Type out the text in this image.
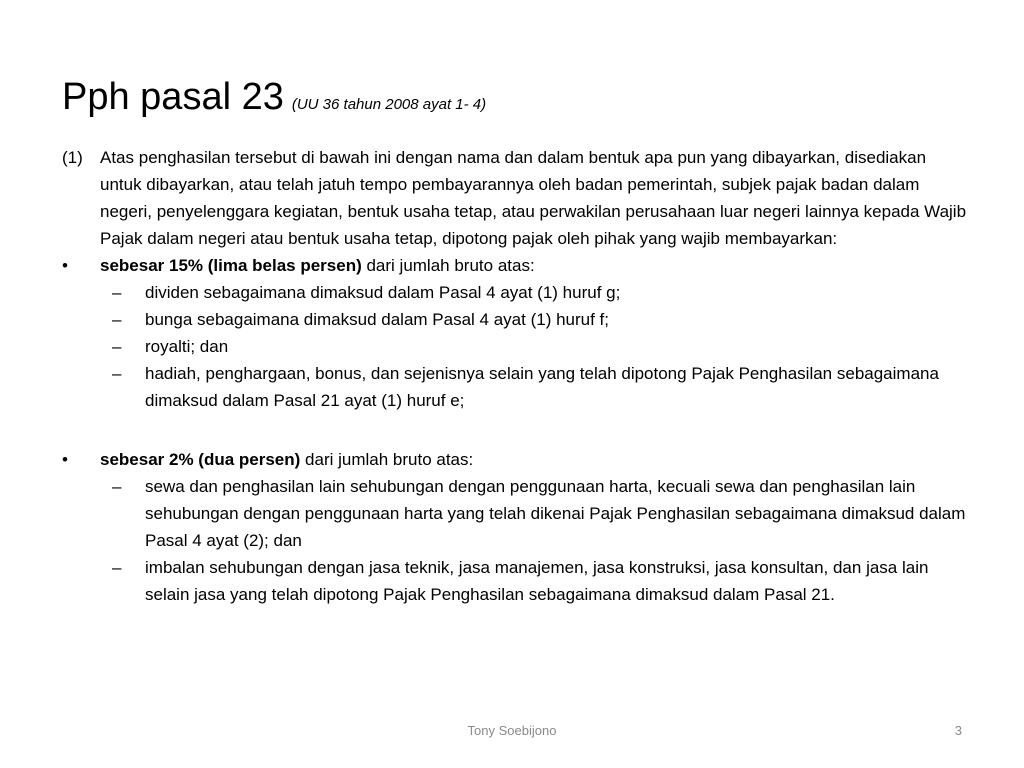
Pph pasal 23 (UU 36 tahun 2008 ayat 1- 4)

(1) Atas penghasilan tersebut di bawah ini dengan nama dan dalam bentuk apa pun yang dibayarkan, disediakan untuk dibayarkan, atau telah jatuh tempo pembayarannya oleh badan pemerintah, subjek pajak badan dalam negeri, penyelenggara kegiatan, bentuk usaha tetap, atau perwakilan perusahaan luar negeri lainnya kepada Wajib Pajak dalam negeri atau bentuk usaha tetap, dipotong pajak oleh pihak yang wajib membayarkan:

•	sebesar 15% (lima belas persen) dari jumlah bruto atas:

– dividen sebagaimana dimaksud dalam Pasal 4 ayat (1) huruf g;

– bunga sebagaimana dimaksud dalam Pasal 4 ayat (1) huruf f;

– royalti; dan

– hadiah, penghargaan, bonus, dan sejenisnya selain yang telah dipotong Pajak Penghasilan sebagaimana dimaksud dalam Pasal 21 ayat (1) huruf e;

•	sebesar 2% (dua persen) dari jumlah bruto atas:

– sewa dan penghasilan lain sehubungan dengan penggunaan harta, kecuali sewa dan penghasilan lain sehubungan dengan penggunaan harta yang telah dikenai Pajak Penghasilan sebagaimana dimaksud dalam Pasal 4 ayat (2); dan

– imbalan sehubungan dengan jasa teknik, jasa manajemen, jasa konstruksi, jasa konsultan, dan jasa lain selain jasa yang telah dipotong Pajak Penghasilan sebagaimana dimaksud dalam Pasal 21.

Tony Soebijono	3
